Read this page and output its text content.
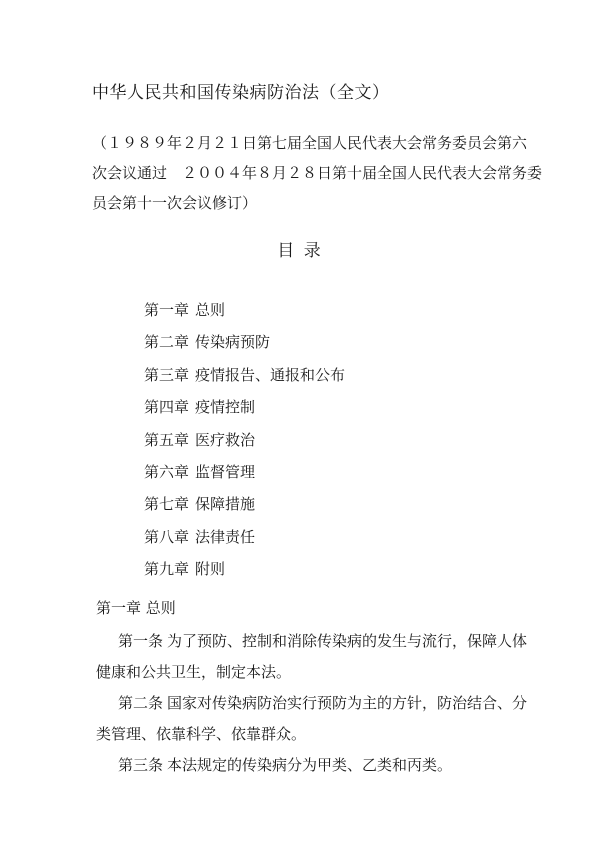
中华人民共和国传染病防治法（全文）
（１９８９年２月２１日第七届全国人民代表大会常务委员会第六
次会议通过　２００４年８月２８日第十届全国人民代表大会常务委
员会第十一次会议修订）
目 录
第一章 总则
第二章 传染病预防
第三章 疫情报告、通报和公布
第四章 疫情控制
第五章 医疗救治
第六章 监督管理
第七章 保障措施
第八章 法律责任
第九章 附则
第一章 总则
第一条 为了预防、控制和消除传染病的发生与流行，保障人体
健康和公共卫生，制定本法。
第二条 国家对传染病防治实行预防为主的方针，防治结合、分
类管理、依靠科学、依靠群众。
第三条 本法规定的传染病分为甲类、乙类和丙类。
